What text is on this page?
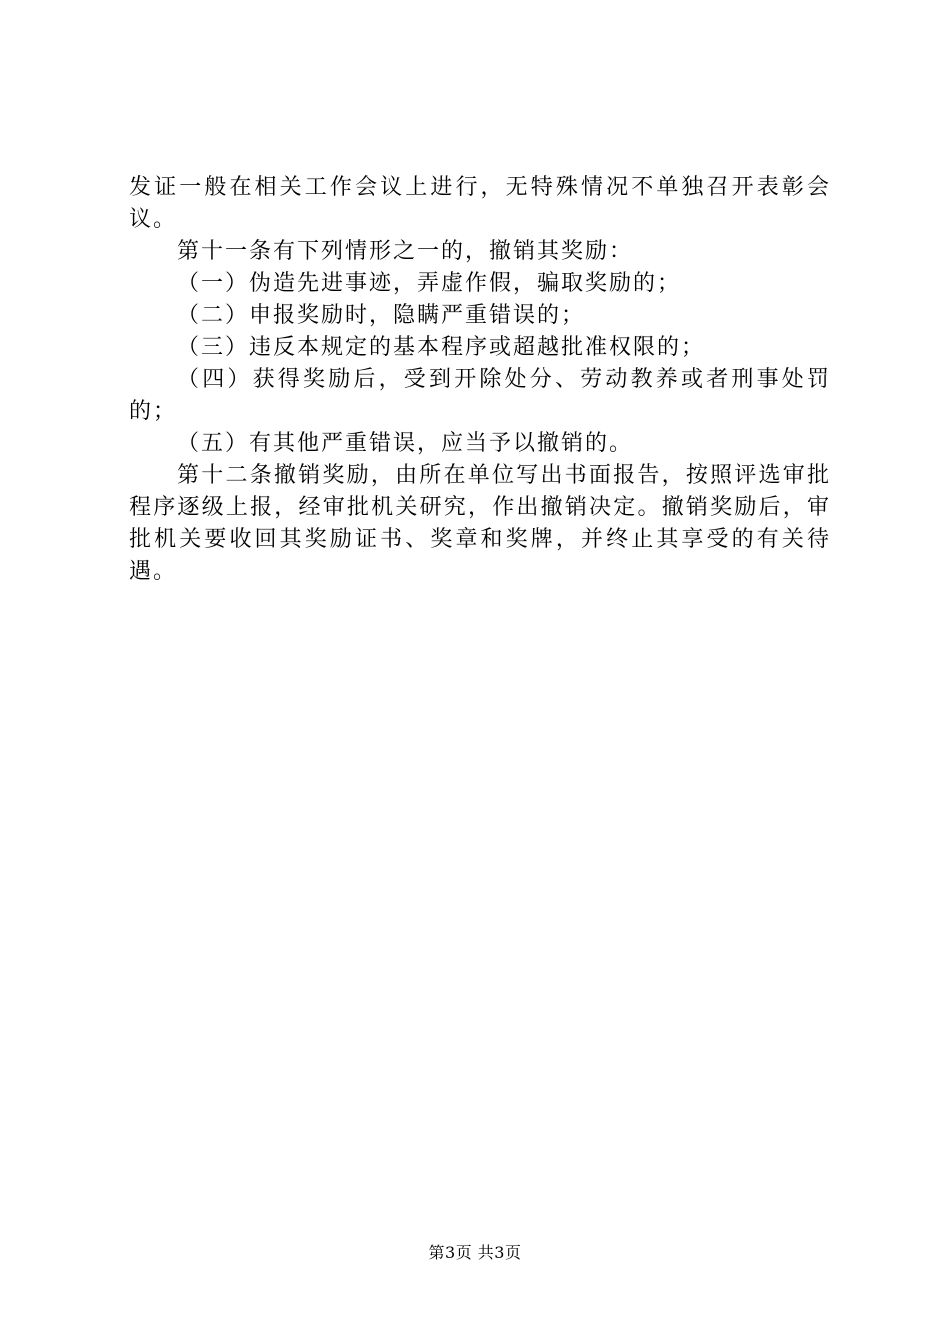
发证一般在相关工作会议上进行，无特殊情况不单独召开表彰会议。

第十一条有下列情形之一的，撤销其奖励：

（一）伪造先进事迹，弄虚作假，骗取奖励的；

（二）申报奖励时，隐瞒严重错误的；

（三）违反本规定的基本程序或超越批准权限的；

（四）获得奖励后，受到开除处分、劳动教养或者刑事处罚的；

（五）有其他严重错误，应当予以撤销的。

第十二条撤销奖励，由所在单位写出书面报告，按照评选审批程序逐级上报，经审批机关研究，作出撤销决定。撤销奖励后，审批机关要收回其奖励证书、奖章和奖牌，并终止其享受的有关待遇。

第3页 共3页
